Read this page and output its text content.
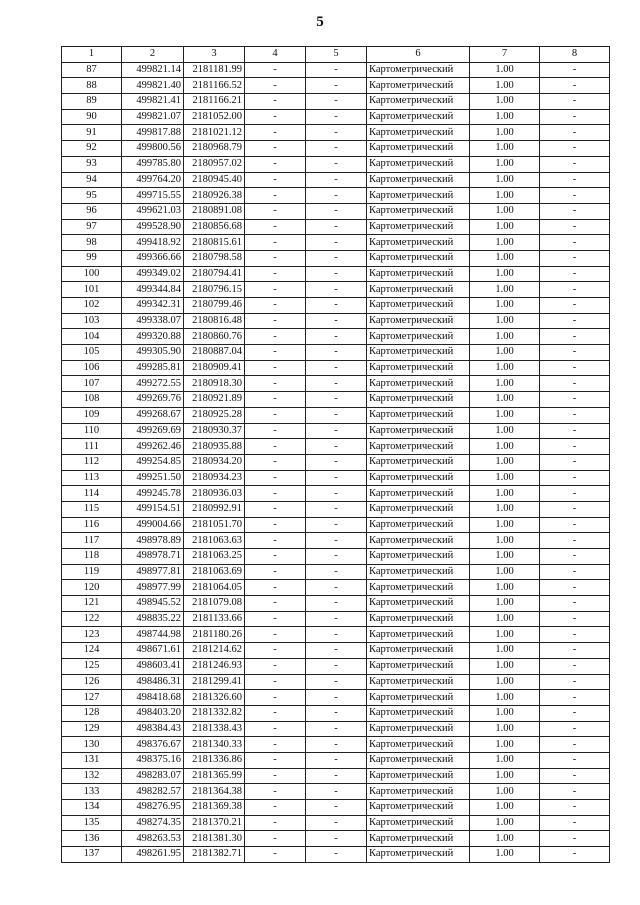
5
1	2	3	4	5	6	7	8
87	499821.14	2181181.99	-	-	Картометрический	1.00	-
88	499821.40	2181166.52	-	-	Картометрический	1.00	-
89	499821.41	2181166.21	-	-	Картометрический	1.00	-
90	499821.07	2181052.00	-	-	Картометрический	1.00	-
91	499817.88	2181021.12	-	-	Картометрический	1.00	-
92	499800.56	2180968.79	-	-	Картометрический	1.00	-
93	499785.80	2180957.02	-	-	Картометрический	1.00	-
94	499764.20	2180945.40	-	-	Картометрический	1.00	-
95	499715.55	2180926.38	-	-	Картометрический	1.00	-
96	499621.03	2180891.08	-	-	Картометрический	1.00	-
97	499528.90	2180856.68	-	-	Картометрический	1.00	-
98	499418.92	2180815.61	-	-	Картометрический	1.00	-
99	499366.66	2180798.58	-	-	Картометрический	1.00	-
100	499349.02	2180794.41	-	-	Картометрический	1.00	-
101	499344.84	2180796.15	-	-	Картометрический	1.00	-
102	499342.31	2180799.46	-	-	Картометрический	1.00	-
103	499338.07	2180816.48	-	-	Картометрический	1.00	-
104	499320.88	2180860.76	-	-	Картометрический	1.00	-
105	499305.90	2180887.04	-	-	Картометрический	1.00	-
106	499285.81	2180909.41	-	-	Картометрический	1.00	-
107	499272.55	2180918.30	-	-	Картометрический	1.00	-
108	499269.76	2180921.89	-	-	Картометрический	1.00	-
109	499268.67	2180925.28	-	-	Картометрический	1.00	-
110	499269.69	2180930.37	-	-	Картометрический	1.00	-
111	499262.46	2180935.88	-	-	Картометрический	1.00	-
112	499254.85	2180934.20	-	-	Картометрический	1.00	-
113	499251.50	2180934.23	-	-	Картометрический	1.00	-
114	499245.78	2180936.03	-	-	Картометрический	1.00	-
115	499154.51	2180992.91	-	-	Картометрический	1.00	-
116	499004.66	2181051.70	-	-	Картометрический	1.00	-
117	498978.89	2181063.63	-	-	Картометрический	1.00	-
118	498978.71	2181063.25	-	-	Картометрический	1.00	-
119	498977.81	2181063.69	-	-	Картометрический	1.00	-
120	498977.99	2181064.05	-	-	Картометрический	1.00	-
121	498945.52	2181079.08	-	-	Картометрический	1.00	-
122	498835.22	2181133.66	-	-	Картометрический	1.00	-
123	498744.98	2181180.26	-	-	Картометрический	1.00	-
124	498671.61	2181214.62	-	-	Картометрический	1.00	-
125	498603.41	2181246.93	-	-	Картометрический	1.00	-
126	498486.31	2181299.41	-	-	Картометрический	1.00	-
127	498418.68	2181326.60	-	-	Картометрический	1.00	-
128	498403.20	2181332.82	-	-	Картометрический	1.00	-
129	498384.43	2181338.43	-	-	Картометрический	1.00	-
130	498376.67	2181340.33	-	-	Картометрический	1.00	-
131	498375.16	2181336.86	-	-	Картометрический	1.00	-
132	498283.07	2181365.99	-	-	Картометрический	1.00	-
133	498282.57	2181364.38	-	-	Картометрический	1.00	-
134	498276.95	2181369.38	-	-	Картометрический	1.00	-
135	498274.35	2181370.21	-	-	Картометрический	1.00	-
136	498263.53	2181381.30	-	-	Картометрический	1.00	-
137	498261.95	2181382.71	-	-	Картометрический	1.00	-
